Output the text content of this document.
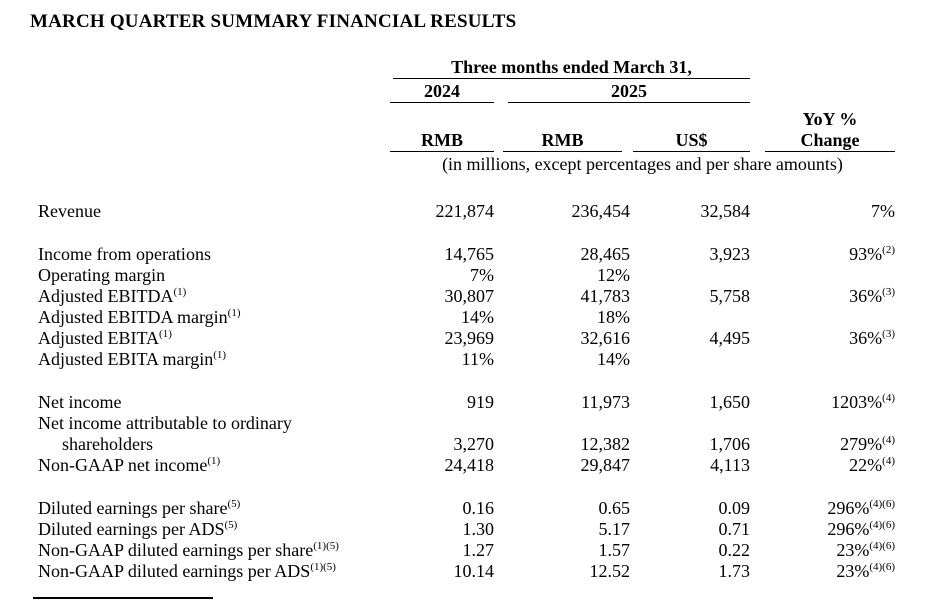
MARCH QUARTER SUMMARY FINANCIAL RESULTS

	Three months ended March 31,			

	2024	2025		

	RMB	RMB	US$	YoY %
Change

	(in millions, except percentages and per share amounts)			

Revenue	221,874	236,454	32,584	7%

Income from operations	14,765	28,465	3,923	93%$^{(2)}$
Operating margin	7%	12%		
Adjusted EBITDA$^{(1)}$	30,807	41,783	5,758	36%$^{(3)}$
Adjusted EBITDA margin$^{(1)}$	14%	18%		
Adjusted EBITA$^{(1)}$	23,969	32,616	4,495	36%$^{(3)}$
Adjusted EBITA margin$^{(1)}$	11%	14%		

Net income	919	11,973	1,650	1203%$^{(4)}$
Net income attributable to ordinary				
shareholders	3,270	12,382	1,706	279%$^{(4)}$
Non-GAAP net income$^{(1)}$	24,418	29,847	4,113	22%$^{(4)}$

Diluted earnings per share$^{(5)}$	0.16	0.65	0.09	296%$^{(4)(6)}$
Diluted earnings per ADS$^{(5)}$	1.30	5.17	0.71	296%$^{(4)(6)}$
Non-GAAP diluted earnings per share$^{(1)(5)}$	1.27	1.57	0.22	23%$^{(4)(6)}$
Non-GAAP diluted earnings per $ADS^{(1)(5)}$	10.14	12.52	1.73	23%$^{(4)(6)}$
